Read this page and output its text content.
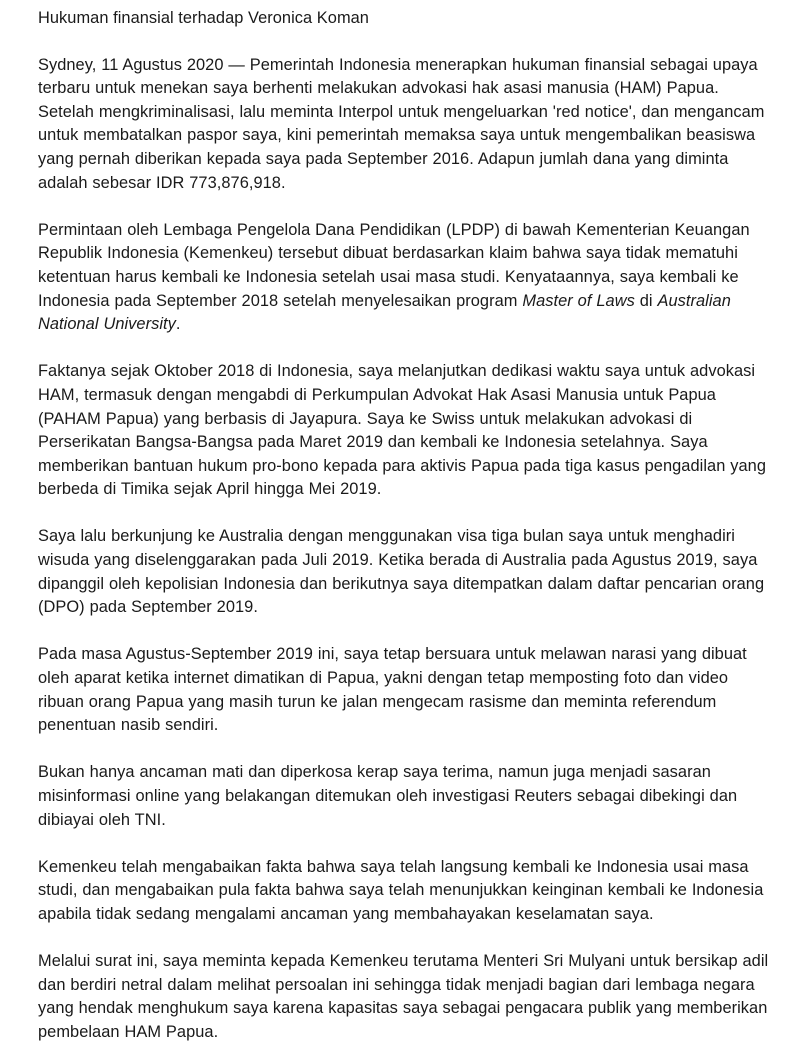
Hukuman finansial terhadap Veronica Koman

Sydney, 11 Agustus 2020 — Pemerintah Indonesia menerapkan hukuman finansial sebagai upaya
terbaru untuk menekan saya berhenti melakukan advokasi hak asasi manusia (HAM) Papua.
Setelah mengkriminalisasi, lalu meminta Interpol untuk mengeluarkan 'red notice', dan mengancam
untuk membatalkan paspor saya, kini pemerintah memaksa saya untuk mengembalikan beasiswa
yang pernah diberikan kepada saya pada September 2016. Adapun jumlah dana yang diminta
adalah sebesar IDR 773,876,918.

Permintaan oleh Lembaga Pengelola Dana Pendidikan (LPDP) di bawah Kementerian Keuangan
Republik Indonesia (Kemenkeu) tersebut dibuat berdasarkan klaim bahwa saya tidak mematuhi
ketentuan harus kembali ke Indonesia setelah usai masa studi. Kenyataannya, saya kembali ke
Indonesia pada September 2018 setelah menyelesaikan program Master of Laws di Australian
National University.

Faktanya sejak Oktober 2018 di Indonesia, saya melanjutkan dedikasi waktu saya untuk advokasi
HAM, termasuk dengan mengabdi di Perkumpulan Advokat Hak Asasi Manusia untuk Papua
(PAHAM Papua) yang berbasis di Jayapura. Saya ke Swiss untuk melakukan advokasi di
Perserikatan Bangsa-Bangsa pada Maret 2019 dan kembali ke Indonesia setelahnya. Saya
memberikan bantuan hukum pro-bono kepada para aktivis Papua pada tiga kasus pengadilan yang
berbeda di Timika sejak April hingga Mei 2019.

Saya lalu berkunjung ke Australia dengan menggunakan visa tiga bulan saya untuk menghadiri
wisuda yang diselenggarakan pada Juli 2019. Ketika berada di Australia pada Agustus 2019, saya
dipanggil oleh kepolisian Indonesia dan berikutnya saya ditempatkan dalam daftar pencarian orang
(DPO) pada September 2019.

Pada masa Agustus-September 2019 ini, saya tetap bersuara untuk melawan narasi yang dibuat
oleh aparat ketika internet dimatikan di Papua, yakni dengan tetap memposting foto dan video
ribuan orang Papua yang masih turun ke jalan mengecam rasisme dan meminta referendum
penentuan nasib sendiri.

Bukan hanya ancaman mati dan diperkosa kerap saya terima, namun juga menjadi sasaran
misinformasi online yang belakangan ditemukan oleh investigasi Reuters sebagai dibekingi dan
dibiayai oleh TNI.

Kemenkeu telah mengabaikan fakta bahwa saya telah langsung kembali ke Indonesia usai masa
studi, dan mengabaikan pula fakta bahwa saya telah menunjukkan keinginan kembali ke Indonesia
apabila tidak sedang mengalami ancaman yang membahayakan keselamatan saya.

Melalui surat ini, saya meminta kepada Kemenkeu terutama Menteri Sri Mulyani untuk bersikap adil
dan berdiri netral dalam melihat persoalan ini sehingga tidak menjadi bagian dari lembaga negara
yang hendak menghukum saya karena kapasitas saya sebagai pengacara publik yang memberikan
pembelaan HAM Papua.
